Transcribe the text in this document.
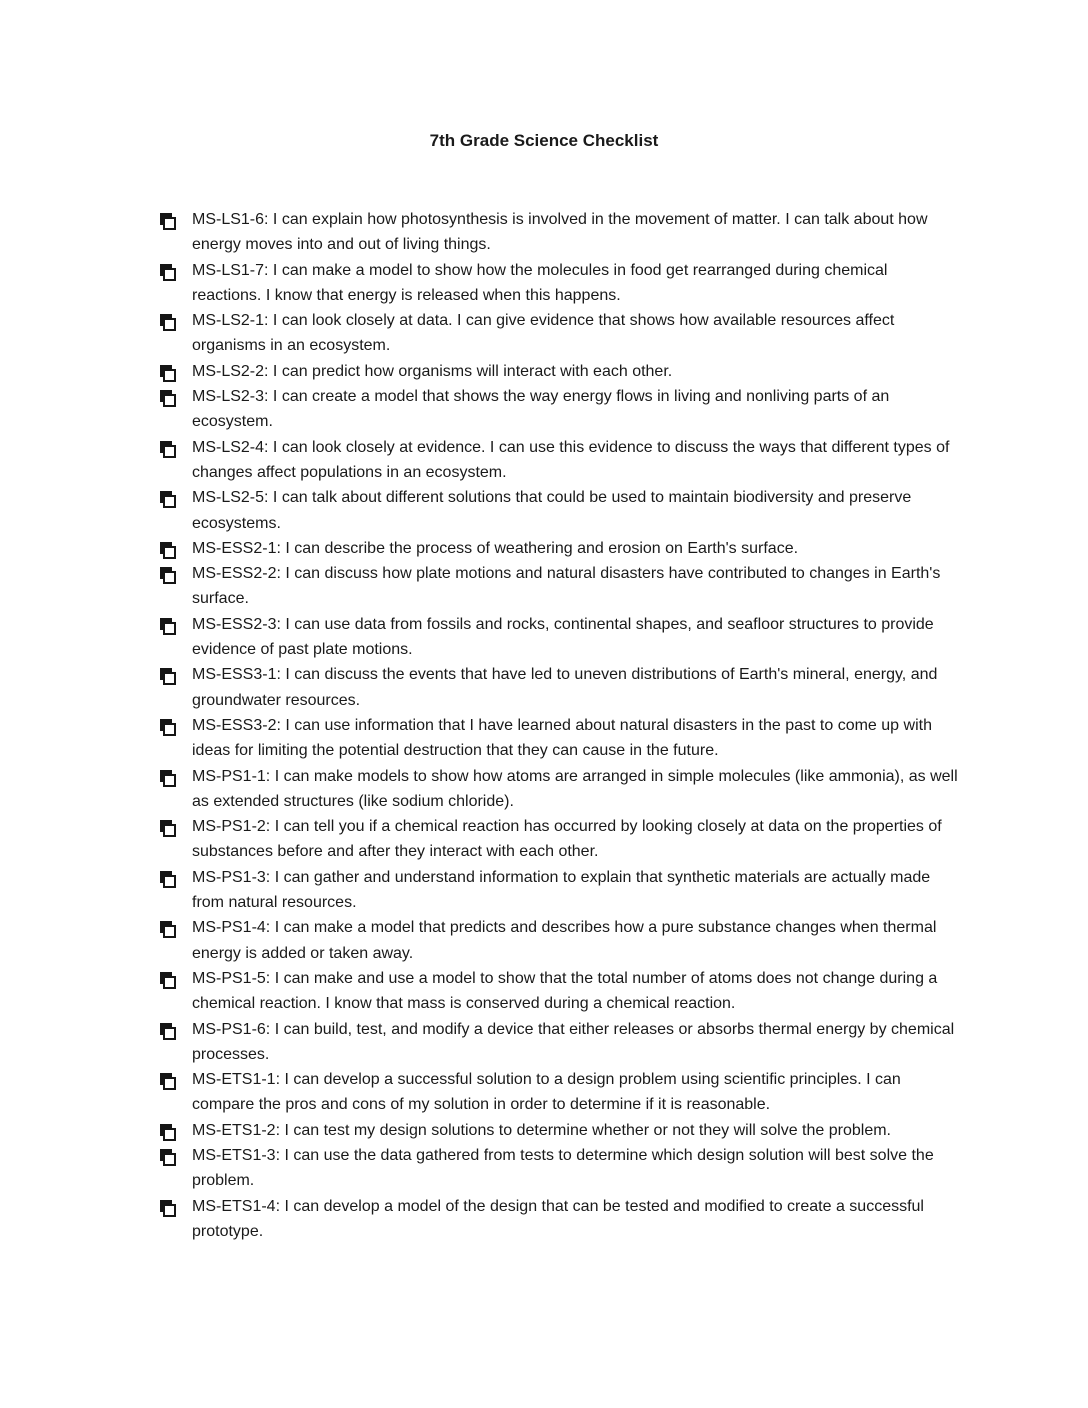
7th Grade Science Checklist
MS-LS1-6: I can explain how photosynthesis is involved in the movement of matter. I can talk about how energy moves into and out of living things.
MS-LS1-7: I can make a model to show how the molecules in food get rearranged during chemical reactions. I know that energy is released when this happens.
MS-LS2-1: I can look closely at data. I can give evidence that shows how available resources affect organisms in an ecosystem.
MS-LS2-2: I can predict how organisms will interact with each other.
MS-LS2-3: I can create a model that shows the way energy flows in living and nonliving parts of an ecosystem.
MS-LS2-4: I can look closely at evidence. I can use this evidence to discuss the ways that different types of changes affect populations in an ecosystem.
MS-LS2-5: I can talk about different solutions that could be used to maintain biodiversity and preserve ecosystems.
MS-ESS2-1: I can describe the process of weathering and erosion on Earth's surface.
MS-ESS2-2: I can discuss how plate motions and natural disasters have contributed to changes in Earth's surface.
MS-ESS2-3: I can use data from fossils and rocks, continental shapes, and seafloor structures to provide evidence of past plate motions.
MS-ESS3-1: I can discuss the events that have led to uneven distributions of Earth's mineral, energy, and groundwater resources.
MS-ESS3-2: I can use information that I have learned about natural disasters in the past to come up with ideas for limiting the potential destruction that they can cause in the future.
MS-PS1-1: I can make models to show how atoms are arranged in simple molecules (like ammonia), as well as extended structures (like sodium chloride).
MS-PS1-2: I can tell you if a chemical reaction has occurred by looking closely at data on the properties of substances before and after they interact with each other.
MS-PS1-3: I can gather and understand information to explain that synthetic materials are actually made from natural resources.
MS-PS1-4: I can make a model that predicts and describes how a pure substance changes when thermal energy is added or taken away.
MS-PS1-5: I can make and use a model to show that the total number of atoms does not change during a chemical reaction. I know that mass is conserved during a chemical reaction.
MS-PS1-6: I can build, test, and modify a device that either releases or absorbs thermal energy by chemical processes.
MS-ETS1-1: I can develop a successful solution to a design problem using scientific principles. I can compare the pros and cons of my solution in order to determine if it is reasonable.
MS-ETS1-2: I can test my design solutions to determine whether or not they will solve the problem.
MS-ETS1-3: I can use the data gathered from tests to determine which design solution will best solve the problem.
MS-ETS1-4: I can develop a model of the design that can be tested and modified to create a successful prototype.
